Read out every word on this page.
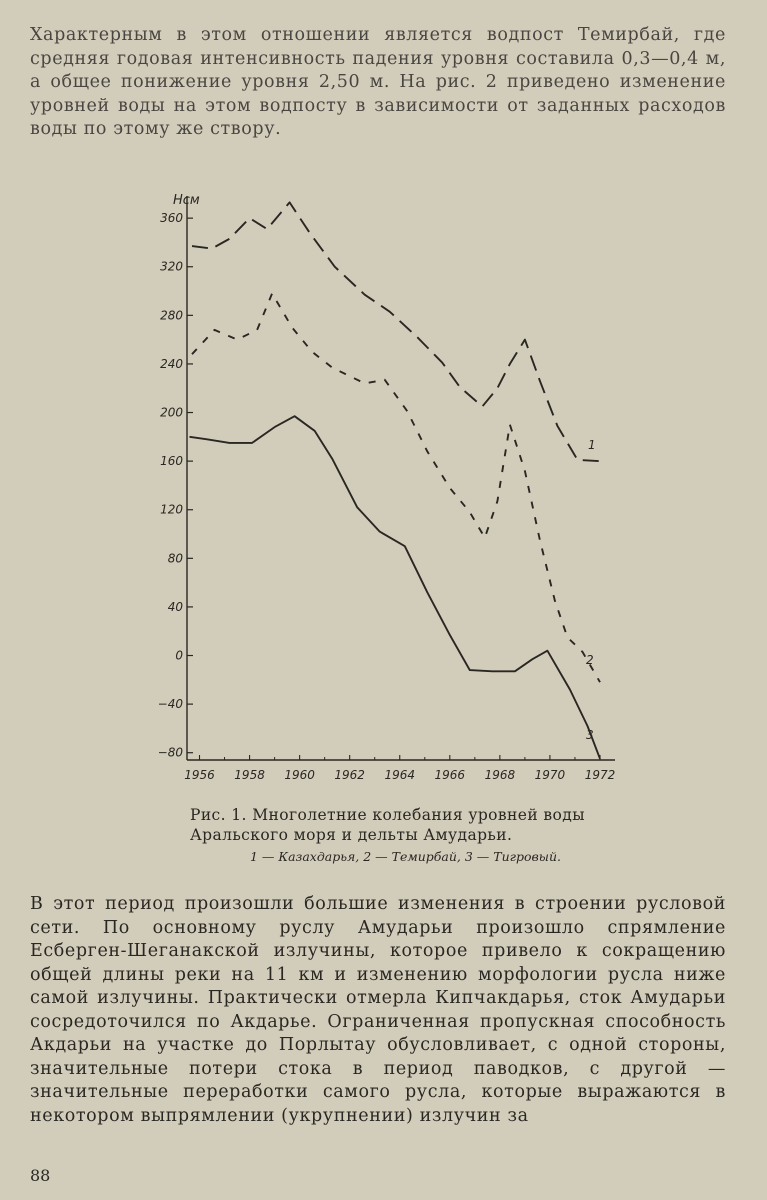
Характерным в этом отношении является водпост Темирбай, где средняя годовая интенсивность падения уровня составила 0,3—0,4 м, а общее понижение уровня 2,50 м. На рис. 2 приведено изменение уровней воды на этом водпосту в зависимости от заданных расходов воды по этому же створу.

360
320
280
240
200
160
120
80
40
0
−40
−80
1956 1958 1960 1962 1964 1966 1968 1970 1972
1
2
3
Нсм
Рис. 1. Многолетние колебания уровней воды
Аральского моря и дельты Амударьи.
1 — Казахдарья, 2 — Темирбай, 3 — Тигровый.

В этот период произошли большие изменения в строении русловой сети. По основному руслу Амударьи произошло спрямление Есберген-Шеганакской излучины, которое привело к сокращению общей длины реки на 11 км и изменению морфологии русла ниже самой излучины. Практически отмерла Кипчакдарья, сток Амударьи сосредоточился по Акдарье. Ограниченная пропускная способность Акдарьи на участке до Порлытау обусловливает, с одной стороны, значительные потери стока в период паводков, с другой — значительные переработки самого русла, которые выражаются в некотором выпрямлении (укрупнении) излучин за

88
